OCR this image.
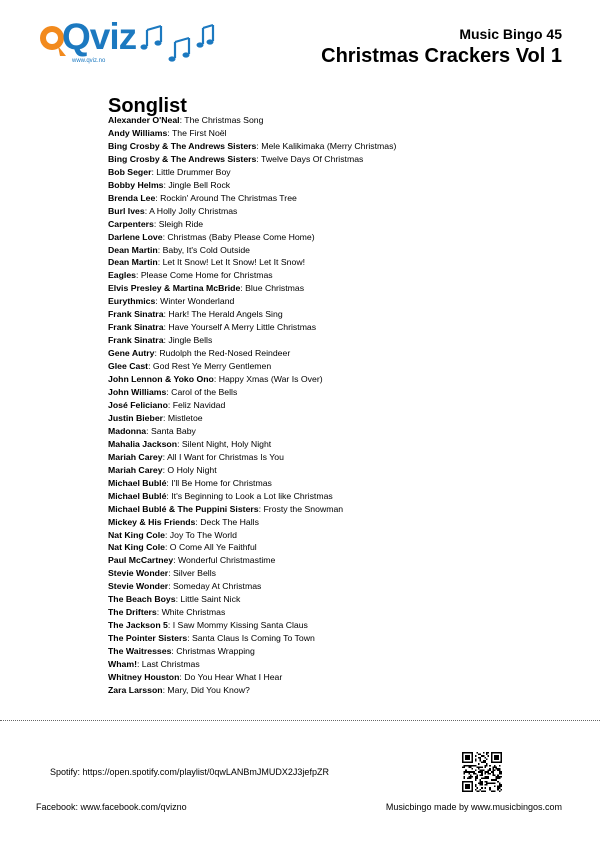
Qviz
www.qviz.no
Music Bingo 45
Christmas Crackers Vol 1
Songlist
Alexander O'Neal: The Christmas Song
Andy Williams: The First Noël
Bing Crosby & The Andrews Sisters: Mele Kalikimaka (Merry Christmas)
Bing Crosby & The Andrews Sisters: Twelve Days Of Christmas
Bob Seger: Little Drummer Boy
Bobby Helms: Jingle Bell Rock
Brenda Lee: Rockin' Around The Christmas Tree
Burl Ives: A Holly Jolly Christmas
Carpenters: Sleigh Ride
Darlene Love: Christmas (Baby Please Come Home)
Dean Martin: Baby, It's Cold Outside
Dean Martin: Let It Snow! Let It Snow! Let It Snow!
Eagles: Please Come Home for Christmas
Elvis Presley & Martina McBride: Blue Christmas
Eurythmics: Winter Wonderland
Frank Sinatra: Hark! The Herald Angels Sing
Frank Sinatra: Have Yourself A Merry Little Christmas
Frank Sinatra: Jingle Bells
Gene Autry: Rudolph the Red-Nosed Reindeer
Glee Cast: God Rest Ye Merry Gentlemen
John Lennon & Yoko Ono: Happy Xmas (War Is Over)
John Williams: Carol of the Bells
José Feliciano: Feliz Navidad
Justin Bieber: Mistletoe
Madonna: Santa Baby
Mahalia Jackson: Silent Night, Holy Night
Mariah Carey: All I Want for Christmas Is You
Mariah Carey: O Holy Night
Michael Bublé: I'll Be Home for Christmas
Michael Bublé: It's Beginning to Look a Lot like Christmas
Michael Bublé & The Puppini Sisters: Frosty the Snowman
Mickey & His Friends: Deck The Halls
Nat King Cole: Joy To The World
Nat King Cole: O Come All Ye Faithful
Paul McCartney: Wonderful Christmastime
Stevie Wonder: Silver Bells
Stevie Wonder: Someday At Christmas
The Beach Boys: Little Saint Nick
The Drifters: White Christmas
The Jackson 5: I Saw Mommy Kissing Santa Claus
The Pointer Sisters: Santa Claus Is Coming To Town
The Waitresses: Christmas Wrapping
Wham!: Last Christmas
Whitney Houston: Do You Hear What I Hear
Zara Larsson: Mary, Did You Know?
Spotify: https://open.spotify.com/playlist/0qwLANBmJMUDX2J3jefpZR
Facebook: www.facebook.com/qvizno	Musicbingo made by www.musicbingos.com
